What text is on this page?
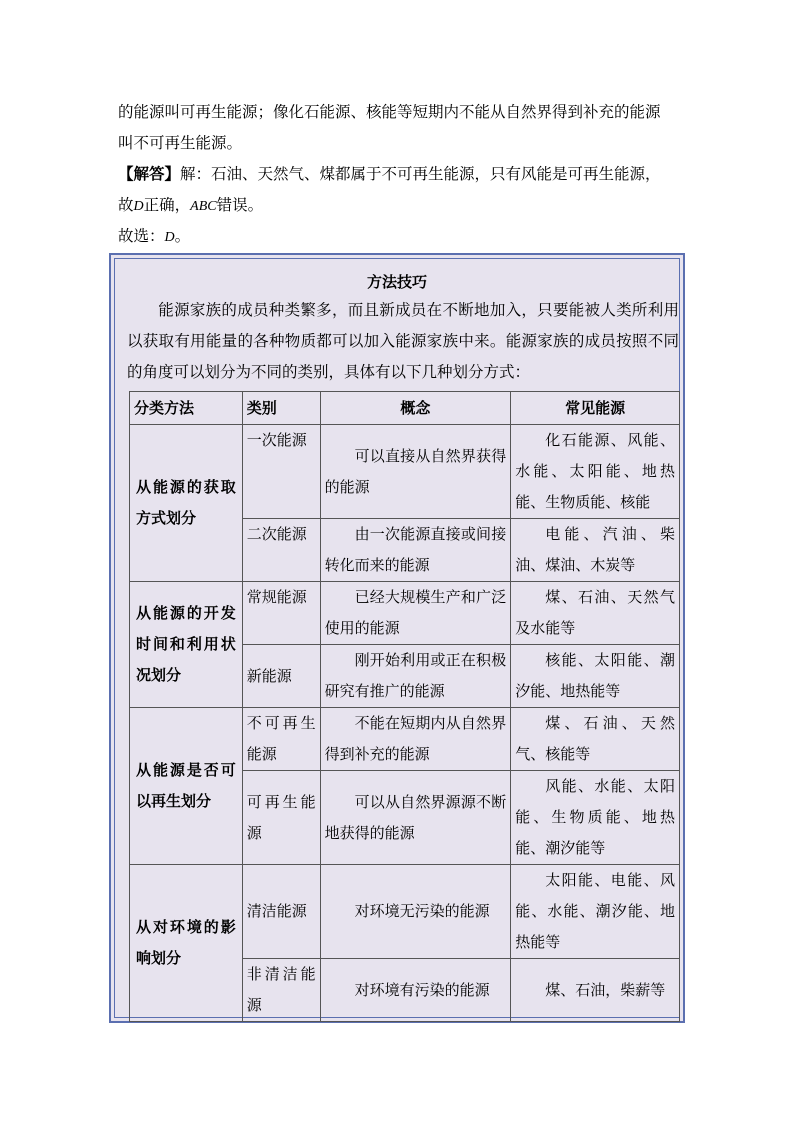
的能源叫可再生能源；像化石能源、核能等短期内不能从自然界得到补充的能源
叫不可再生能源。
【解答】解：石油、天然气、煤都属于不可再生能源，只有风能是可再生能源，
故D正确，ABC错误。
故选：D。
方法技巧
能源家族的成员种类繁多，而且新成员在不断地加入，只要能被人类所利用以获取有用能量的各种物质都可以加入能源家族中来。能源家族的成员按照不同的角度可以划分为不同的类别，具体有以下几种划分方式：
分类方法	类别	概念	常见能源
从能源的获取方式划分	一次能源	可以直接从自然界获得的能源	化石能源、风能、水能、太阳能、地热能、生物质能、核能
	二次能源	由一次能源直接或间接转化而来的能源	电能、汽油、柴油、煤油、木炭等
从能源的开发时间和利用状况划分	常规能源	已经大规模生产和广泛使用的能源	煤、石油、天然气及水能等
	新能源	刚开始利用或正在积极研究有推广的能源	核能、太阳能、潮汐能、地热能等
从能源是否可以再生划分	不可再生能源	不能在短期内从自然界得到补充的能源	煤、石油、天然气、核能等
	可再生能源	可以从自然界源源不断地获得的能源	风能、水能、太阳能、生物质能、地热能、潮汐能等
从对环境的影响划分	清洁能源	对环境无污染的能源	太阳能、电能、风能、水能、潮汐能、地热能等
	非清洁能源	对环境有污染的能源	煤、石油，柴薪等
